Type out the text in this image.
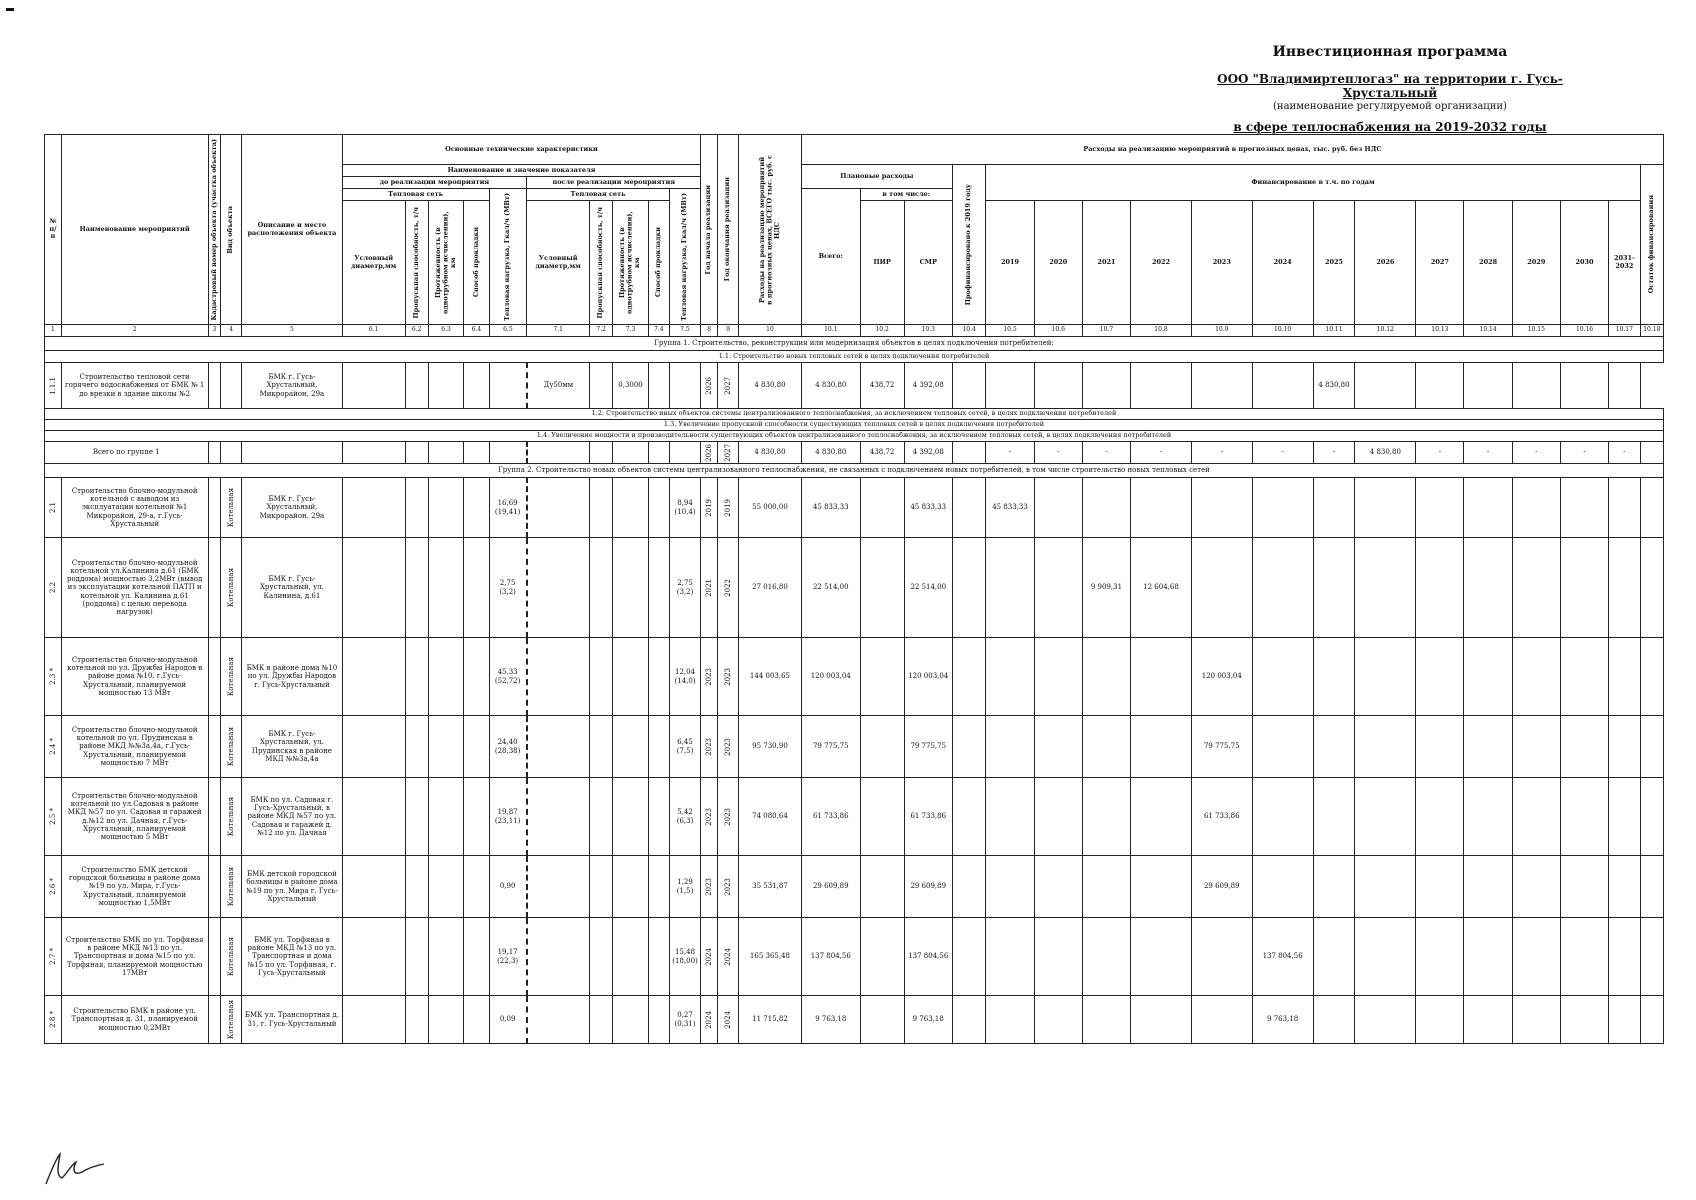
Инвестиционная программа
ООО "Владимиртеплогаз" на территории г. Гусь-Хрустальный
(наименование регулируемой организации)
в сфере теплоснабжения на 2019-2032 годы
№ п/п	Наименование мероприятий	Кадастровый номер объекта (участка объекта)	Вид объекта	Описание и место расположения объекта	Основные технические характеристики										Год начала реализации	Год окончания реализации	Расходы на реализацию мероприятий в прогнозных ценах, ВСЕГО тыс. руб. с НДС	Расходы на реализацию мероприятий в прогнозных ценах, тыс. руб. без НДС																	
					Наименование и значение показателя													Плановые расходы			Профинансировано к 2019 году	Финансирование в т.ч. по годам													Остаток финансирования

					до реализации мероприятия					после реализации мероприятия																									
					Тепловая сеть				Тепловая нагрузка, Гкал/ч (МВт)	Тепловая сеть				Тепловая нагрузка, Гкал/ч (МВт)				Всего:	в том числе:																
					Условный диаметр,мм	Пропускная способность, т/ч	Протяженность (в однотрубном исчислении), км	Способ прокладки		Условный диаметр,мм	Пропускная способность, т/ч	Протяженность (в однотрубном исчислении), км	Способ прокладки						ПИР	СМР		2019	2020	2021	2022	2023	2024	2025	2026	2027	2028	2029	2030	2031-2032	

1	2	3	4	5	6.1	6.2	6.3	6.4	6.5	7.1	7.2	7.3	7.4	7.5	8	9	10	10.1	10.2	10.3	10.4	10.5	10.6	10.7	10.8	10.9	10.10	10.11	10.12	10.13	10.14	10.15	10.16	10.17	10.18
Группа 1. Строительство, реконструкция или модернизация объектов в целях подключения потребителей:																																			
1.1. Строительство новых тепловых сетей в целях подключения потребителей																																			

1.1.1	Строительство тепловой сети горячего водоснабжения от БМК № 1 до врезки в здание школы №2			БМК г. Гусь-Хрустальный, Микрорайон, 29а						Ду50мм		0,3000			2026	2027	4 830,80	4 830,80	438,72	4 392,08								4 830,80							
1.2. Строительство иных объектов системы централизованного теплоснабжения, за исключением тепловых сетей, в целях подключения потребителей																																			
1.3. Увеличение пропускной способности существующих тепловых сетей в целях подключения потребителей																																			
1.4. Увеличение мощности и производительности существующих объектов централизованного теплоснабжения, за исключением тепловых сетей, в целях подключения потребителей																																			
Всего по группе 1															2026	2027	4 830,80	4 830,80	438,72	4 392,08		-	-	-	-	-	-	-	4 830,80	-	-	-	-	-	
Группа 2. Строительство новых объектов системы централизованного теплоснабжения, не связанных с подключением новых потребителей, в том числе строительство новых тепловых сетей																																			

2.1	Строительство блочно-модульной котельной с выводом из эксплуатации котельной №1 Микрорайон, 29-а, г.Гусь-Хрустальный		Котельная	БМК г. Гусь-Хрустальный, Микрорайон, 29а					16,69 (19,41)					8,94 (10,4)	2019	2019	55 000,00	45 833,33		45 833,33		45 833,33													

2.2	Строительство блочно-модульной котельной ул.Калинина д.61 (БМК роддома) мощностью 3,2МВт (вывод из эксплуатации котельной ПАТП и котельной ул. Калинина д.61 (роддома) с целью перевода нагрузок)		Котельная	БМК г. Гусь-Хрустальный, ул. Калинина, д.61					2,75 (3,2)					2,75 (3,2)	2021	2022	27 016,80	22 514,00		22 514,00				9 909,31	12 604,68										

2.3 *	Строительство блочно-модульной котельной по ул. Дружбы Народов в районе дома №10, г.Гусь-Хрустальный, планируемой мощностью 13 МВт		Котельная	БМК в районе дома №10 по ул. Дружбы Народов г. Гусь-Хрустальный					45,33 (52,72)					12,04 (14,0)	2023	2023	144 003,65	120 003,04		120 003,04						120 003,04									

2.4 *	Строительство блочно-модульной котельной по ул. Прудинская в районе МКД №№3а,4а, г.Гусь-Хрустальный, планируемой мощностью 7 МВт		Котельная	БМК г. Гусь-Хрустальный, ул. Прудинская в районе МКД №№3а,4а					24,40 (28,38)					6,45 (7,5)	2023	2023	95 730,90	79 775,75		79 775,75						79 775,75									

2.5 *	Строительство блочно-модульной котельной по ул.Садовая в районе МКД №57 по ул. Садовая и гаражей д.№12 по ул. Дачная, г.Гусь-Хрустальный, планируемой мощностью 5 МВт		Котельная	БМК по ул. Садовая г. Гусь-Хрустальный, в районе МКД №57 по ул. Садовая и гаражей д.№12 по ул. Дачная					19,87 (23,11)					5,42 (6,3)	2023	2023	74 080,64	61 733,86		61 733,86						61 733,86									

2.6 *	Строительство БМК детской городской больницы в районе дома №19 по ул. Мира, г.Гусь-Хрустальный, планируемой мощностью 1,5МВт		Котельная	БМК детской городской больницы в районе дома №19 по ул. Мира г. Гусь-Хрустальный					0,90					1,29 (1,5)	2023	2023	35 531,87	29 609,89		29 609,89						29 609,89									

2.7 *	Строительство БМК по ул. Торфяная в районе МКД №13 по ул. Транспортная и дома №15 по ул. Торфяная, планируемой мощностью 17МВт		Котельная	БМК ул. Торфяная в районе МКД №13 по ул. Транспортная и дома №15 по ул. Торфяная, г. Гусь-Хрустальный					19,17 (22,3)					15,48 (18,00)	2024	2024	165 365,48	137 804,56		137 804,56							137 804,56								

2.8 *	Строительство БМК в районе ул. Транспортная д. 31, планируемой мощностью 0,2МВт		Котельная	БМК ул. Транспортная д. 31, г. Гусь-Хрустальный					0,09					0,27 (0,31)	2024	2024	11 715,82	9 763,18		9 763,18							9 763,18								
